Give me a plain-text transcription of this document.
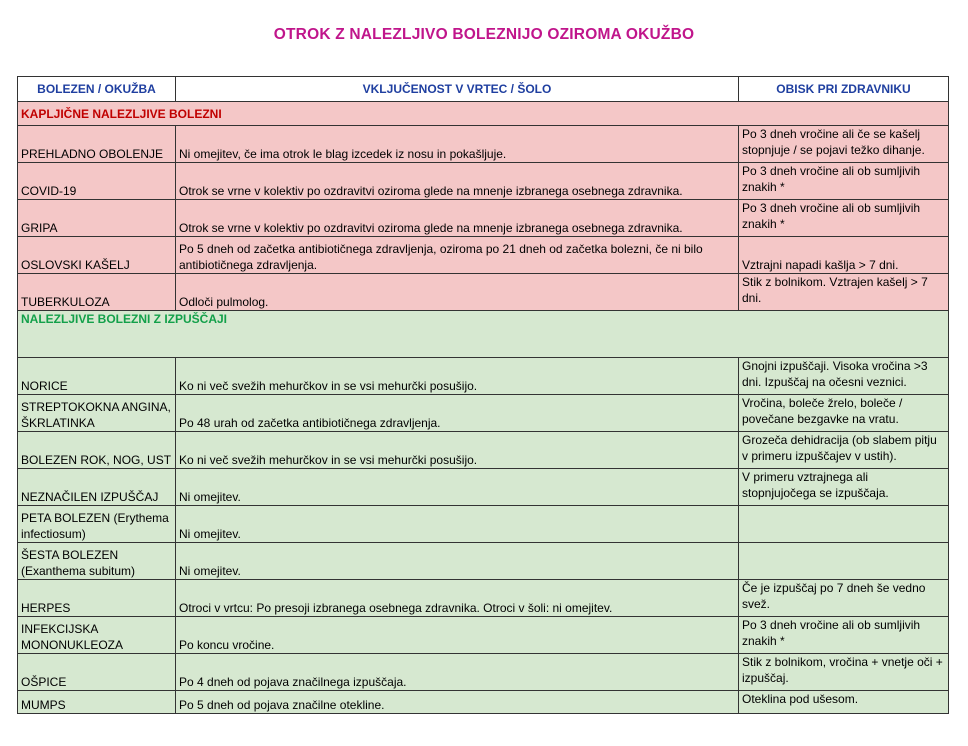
OTROK Z NALEZLJIVO BOLEZNIJO OZIROMA OKUŽBO
BOLEZEN / OKUŽBA	VKLJUČENOST V VRTEC / ŠOLO	OBISK PRI ZDRAVNIKU
KAPLJIČNE NALEZLJIVE BOLEZNI		
PREHLADNO OBOLENJE	Ni omejitev, če ima otrok le blag izcedek iz nosu in pokašljuje.	Po 3 dneh vročine ali če se kašelj stopnjuje / se pojavi težko dihanje.
COVID-19	Otrok se vrne v kolektiv po ozdravitvi oziroma glede na mnenje izbranega osebnega zdravnika.	Po 3 dneh vročine ali ob sumljivih znakih *
GRIPA	Otrok se vrne v kolektiv po ozdravitvi oziroma glede na mnenje izbranega osebnega zdravnika.	Po 3 dneh vročine ali ob sumljivih znakih *
OSLOVSKI KAŠELJ	Po 5 dneh od začetka antibiotičnega zdravljenja, oziroma po 21 dneh od začetka bolezni, če ni bilo antibiotičnega zdravljenja.	Vztrajni napadi kašlja > 7 dni.
TUBERKULOZA	Odloči pulmolog.	Stik z bolnikom. Vztrajen kašelj > 7 dni.
NALEZLJIVE BOLEZNI Z IZPUŠČAJI		
NORICE	Ko ni več svežih mehurčkov in se vsi mehurčki posušijo.	Gnojni izpuščaji. Visoka vročina >3 dni. Izpuščaj na očesni veznici.
STREPTOKOKNA ANGINA, ŠKRLATINKA	Po 48 urah od začetka antibiotičnega zdravljenja.	Vročina, boleče žrelo, boleče / povečane bezgavke na vratu.
BOLEZEN ROK, NOG, UST	Ko ni več svežih mehurčkov in se vsi mehurčki posušijo.	Grozeča dehidracija (ob slabem pitju v primeru izpuščajev v ustih).
NEZNAČILEN IZPUŠČAJ	Ni omejitev.	V primeru vztrajnega ali stopnjujočega se izpuščaja.
PETA BOLEZEN (Erythema infectiosum)	Ni omejitev.	
ŠESTA BOLEZEN (Exanthema subitum)	Ni omejitev.	
HERPES	Otroci v vrtcu: Po presoji izbranega osebnega zdravnika. Otroci v šoli: ni omejitev.	Če je izpuščaj po 7 dneh še vedno svež.
INFEKCIJSKA MONONUKLEOZA	Po koncu vročine.	Po 3 dneh vročine ali ob sumljivih znakih *
OŠPICE	Po 4 dneh od pojava značilnega izpuščaja.	Stik z bolnikom, vročina + vnetje oči + izpuščaj.
MUMPS	Po 5 dneh od pojava značilne otekline.	Oteklina pod ušesom.
